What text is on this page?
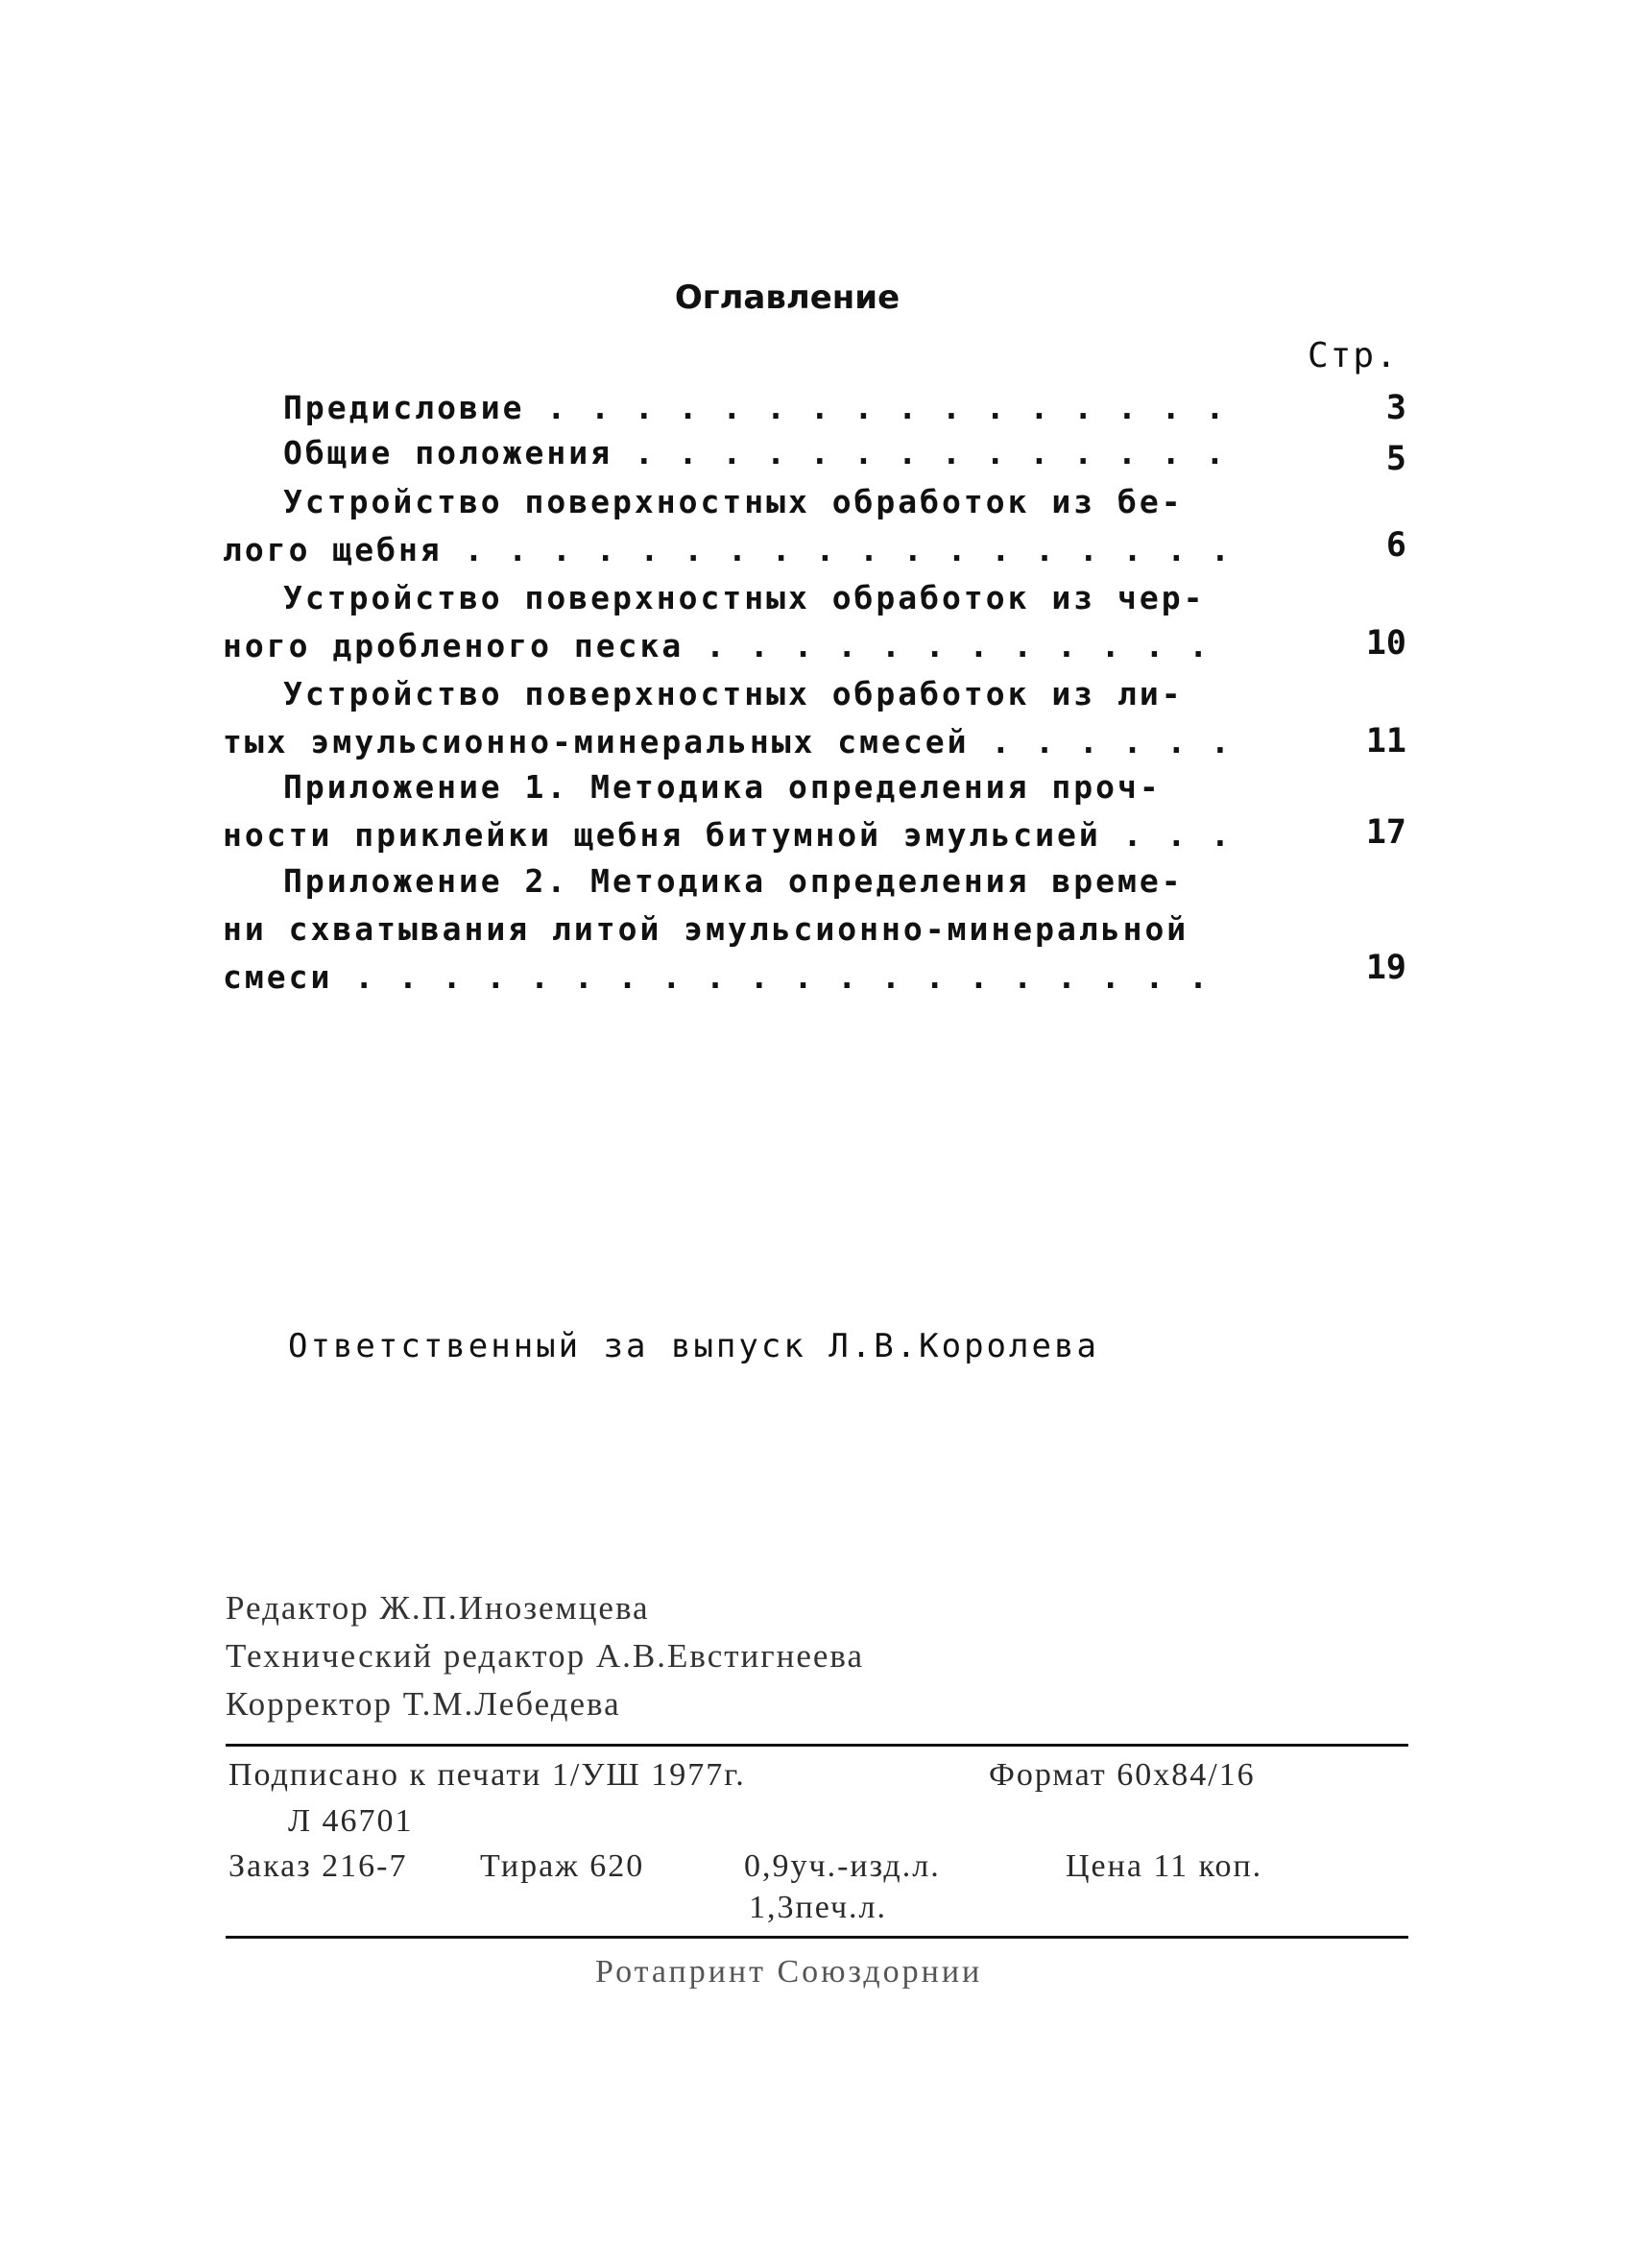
Оглавление
Стр.
Предисловие . . . . . . . . . . . . . . . .	3
Общие положения . . . . . . . . . . . . . .	5
Устройство поверхностных обработок из бе-
лого щебня . . . . . . . . . . . . . . . . . .	6
Устройство поверхностных обработок из чер-
ного дробленого песка . . . . . . . . . . . .	10
Устройство поверхностных обработок из ли-
тых эмульсионно-минеральных смесей . . . . . .	11
Приложение 1. Методика определения проч-
ности приклейки щебня битумной эмульсией . . .	17
Приложение 2. Методика определения време-
ни схватывания литой эмульсионно-минеральной
смеси . . . . . . . . . . . . . . . . . . . .	19
Ответственный за выпуск Л.В.Королева
Редактор Ж.П.Иноземцева
Технический редактор А.В.Евстигнеева
Корректор Т.М.Лебедева
Подписано к печати 1/УШ 1977г.	Формат 60х84/16
Л 46701
Заказ 216-7 Тираж 620	0,9уч.-изд.л.	Цена 11 коп.
1,3печ.л.
Ротапринт Союздорнии
